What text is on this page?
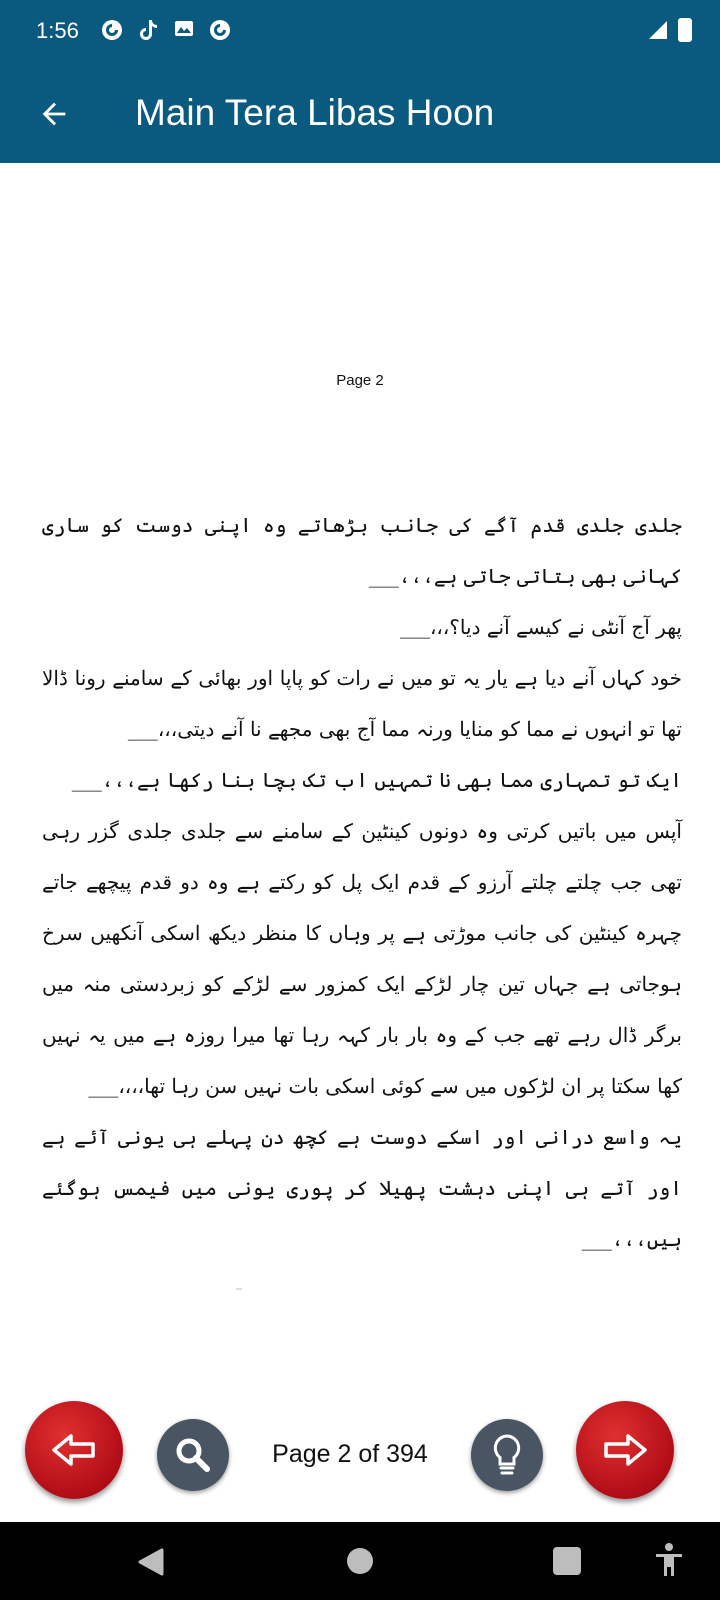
1:56
Main Tera Libas Hoon
Page 2

جلدی جلدی قدم آگے کی جانب بڑھاتے وہ اپنی دوست کو ساری کہانی بھی بتاتی جاتی ہے،،،___

پھر آج آنٹی نے کیسے آنے دیا؟،،،___

خود کہاں آنے دیا ہے یار یہ تو میں نے رات کو پاپا اور بھائی کے سامنے رونا ڈالا تھا تو انہوں نے مما کو منایا ورنہ مما آج بھی مجھے نا آنے دیتی،،،___

ایک تو تمہاری مما بھی نا تمہیں اب تک بچا بنا رکھا ہے،،،___

آپس میں باتیں کرتی وہ دونوں کینٹین کے سامنے سے جلدی جلدی گزر رہی تھی جب چلتے چلتے آرزو کے قدم ایک پل کو رکتے ہے وہ دو قدم پیچھے جاتے چہرہ کینٹین کی جانب موڑتی ہے پر وہاں کا منظر دیکھ اسکی آنکھیں سرخ ہوجاتی ہے جہاں تین چار لڑکے ایک کمزور سے لڑکے کو زبردستی منہ میں برگر ڈال رہے تھے جب کے وہ بار بار کہہ رہا تھا میرا روزہ ہے میں یہ نہیں کھا سکتا پر ان لڑکوں میں سے کوئی اسکی بات نہیں سن رہا تھا،،،،___

یہ واسع درانی اور اسکے دوست ہے کچھ دن پہلے ہی یونی آئے ہے اور آتے ہی اپنی دہشت پھیلا کر پوری یونی میں فیمس ہوگئے ہیں،،،___

Page 2 of 394
